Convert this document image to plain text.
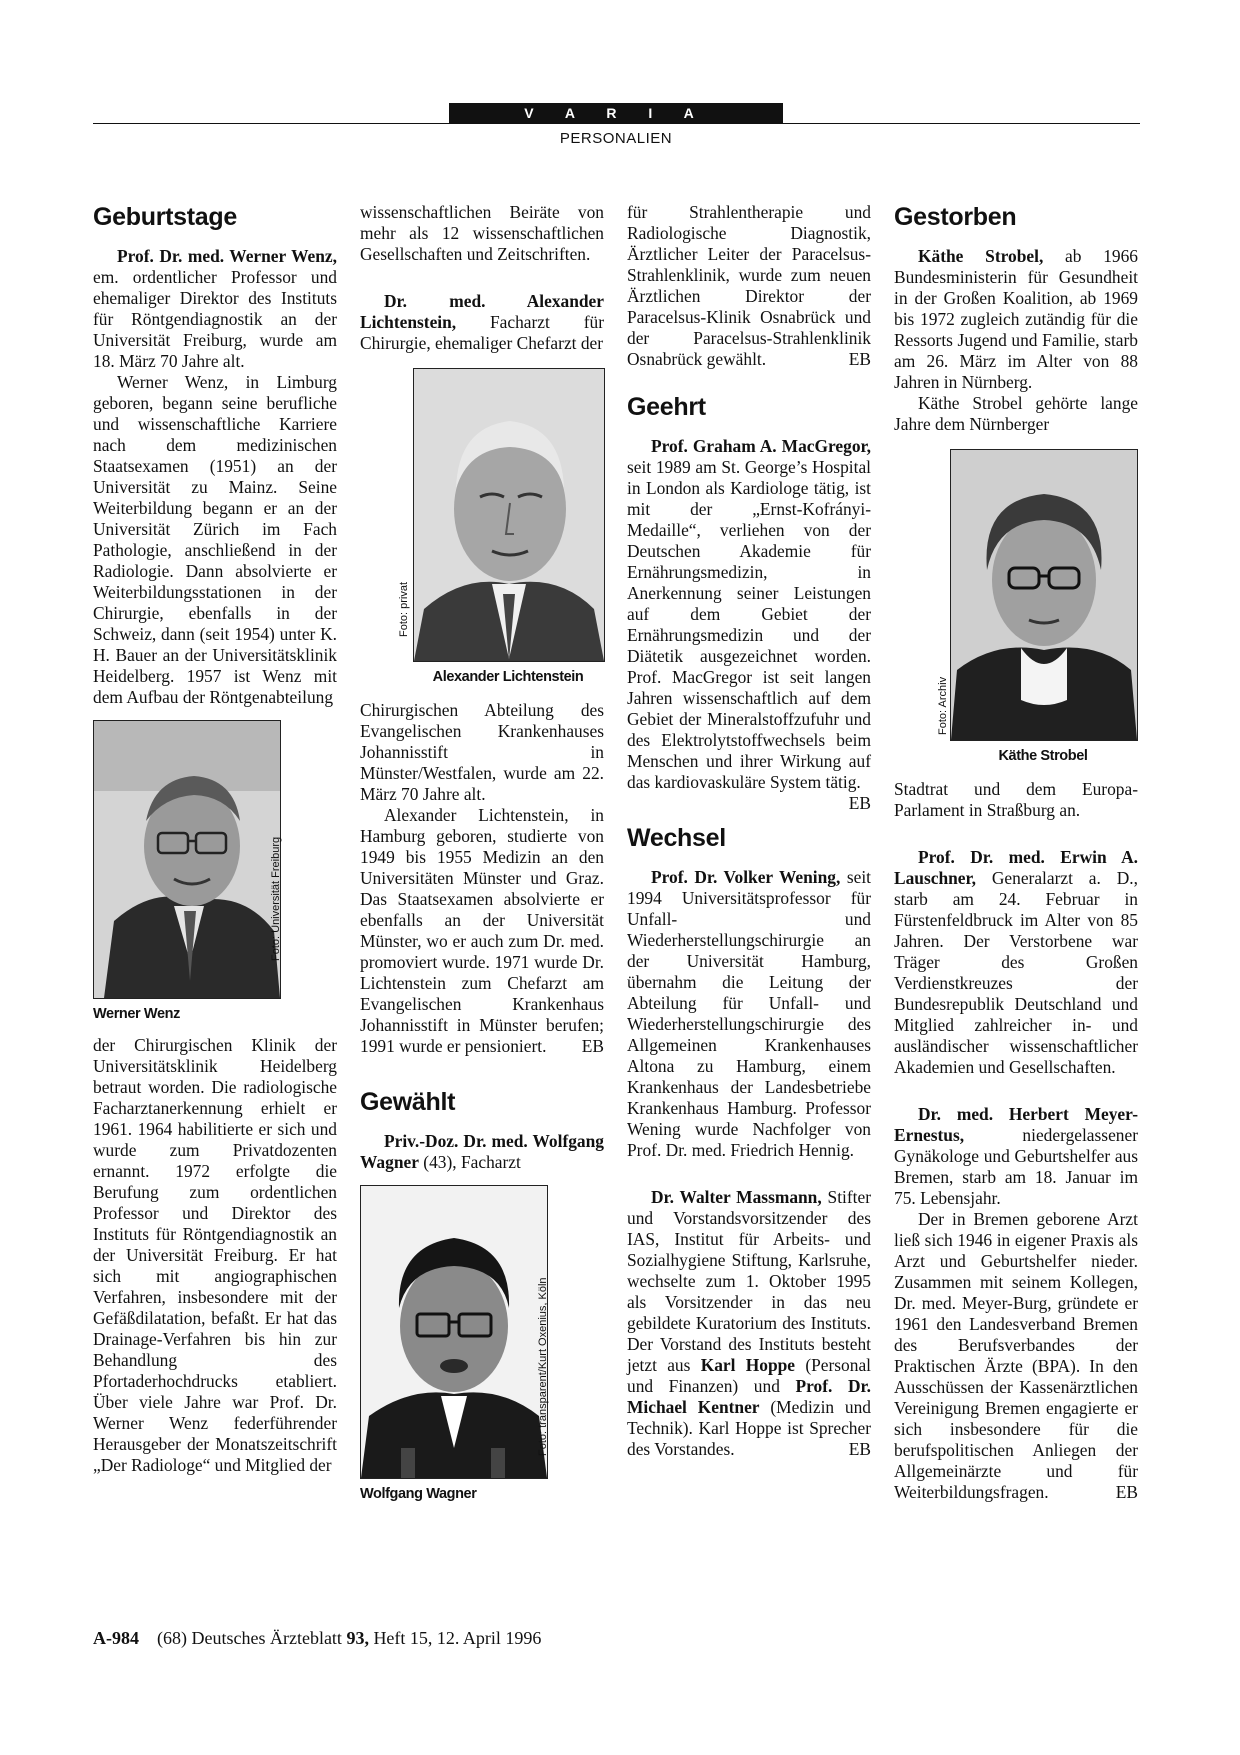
V A R I A
PERSONALIEN
Geburtstage

Prof. Dr. med. Werner Wenz, em. ordentlicher Professor und ehemaliger Direktor des Instituts für Röntgendiagnostik an der Universität Freiburg, wurde am 18. März 70 Jahre alt.

Werner Wenz, in Limburg geboren, begann seine berufliche und wissenschaftliche Karriere nach dem medizinischen Staatsexamen (1951) an der Universität zu Mainz. Seine Weiterbildung begann er an der Universität Zürich im Fach Pathologie, anschließend in der Radiologie. Dann absolvierte er Weiterbildungsstationen in der Chirurgie, ebenfalls in der Schweiz, dann (seit 1954) unter K. H. Bauer an der Universitätsklinik Heidelberg. 1957 ist Wenz mit dem Aufbau der Röntgenabteilung

Foto: Universität Freiburg
Werner Wenz

der Chirurgischen Klinik der Universitätsklinik Heidelberg betraut worden. Die radiologische Facharztanerkennung erhielt er 1961. 1964 habilitierte er sich und wurde zum Privatdozenten ernannt. 1972 erfolgte die Berufung zum ordentlichen Professor und Direktor des Instituts für Röntgendiagnostik an der Universität Freiburg. Er hat sich mit angiographischen Verfahren, insbesondere mit der Gefäßdilatation, befaßt. Er hat das Drainage-Verfahren bis hin zur Behandlung des Pfortaderhochdrucks etabliert. Über viele Jahre war Prof. Dr. Werner Wenz federführender Herausgeber der Monatszeitschrift „Der Radiologe“ und Mitglied der

wissenschaftlichen Beiräte von mehr als 12 wissenschaftlichen Gesellschaften und Zeitschriften.

Dr. med. Alexander Lichtenstein, Facharzt für Chirurgie, ehemaliger Chefarzt der

Foto: privat
Alexander Lichtenstein

Chirurgischen Abteilung des Evangelischen Krankenhauses Johannisstift in Münster/Westfalen, wurde am 22. März 70 Jahre alt.

Alexander Lichtenstein, in Hamburg geboren, studierte von 1949 bis 1955 Medizin an den Universitäten Münster und Graz. Das Staatsexamen absolvierte er ebenfalls an der Universität Münster, wo er auch zum Dr. med. promoviert wurde. 1971 wurde Dr. Lichtenstein zum Chefarzt am Evangelischen Krankenhaus Johannisstift in Münster berufen; 1991 wurde er pensioniert.	EB

Gewählt

Priv.-Doz. Dr. med. Wolfgang Wagner (43), Facharzt

Foto: transparent/Kurt Oxenius, Köln
Wolfgang Wagner

für Strahlentherapie und Radiologische Diagnostik, Ärztlicher Leiter der Paracelsus-Strahlenklinik, wurde zum neuen Ärztlichen Direktor der Paracelsus-Klinik Osnabrück und der Paracelsus-Strahlenklinik Osnabrück gewählt.	EB

Geehrt

Prof. Graham A. MacGregor, seit 1989 am St. George’s Hospital in London als Kardiologe tätig, ist mit der „Ernst-Kofrányi-Medaille“, verliehen von der Deutschen Akademie für Ernährungsmedizin, in Anerkennung seiner Leistungen auf dem Gebiet der Ernährungsmedizin und der Diätetik ausgezeichnet worden. Prof. MacGregor ist seit langen Jahren wissenschaftlich auf dem Gebiet der Mineralstoffzufuhr und des Elektrolytstoffwechsels beim Menschen und ihrer Wirkung auf das kardiovaskuläre System tätig.
EB

Wechsel

Prof. Dr. Volker Wening, seit 1994 Universitätsprofessor für Unfall- und Wiederherstellungschirurgie an der Universität Hamburg, übernahm die Leitung der Abteilung für Unfall- und Wiederherstellungschirurgie des Allgemeinen Krankenhauses Altona zu Hamburg, einem Krankenhaus der Landesbetriebe Krankenhaus Hamburg. Professor Wening wurde Nachfolger von Prof. Dr. med. Friedrich Hennig.

Dr. Walter Massmann, Stifter und Vorstandsvorsitzender des IAS, Institut für Arbeits- und Sozialhygiene Stiftung, Karlsruhe, wechselte zum 1. Oktober 1995 als Vorsitzender in das neu gebildete Kuratorium des Instituts. Der Vorstand des Instituts besteht jetzt aus Karl Hoppe (Personal und Finanzen) und Prof. Dr. Michael Kentner (Medizin und Technik). Karl Hoppe ist Sprecher des Vorstandes.	EB

Gestorben

Käthe Strobel, ab 1966 Bundesministerin für Gesundheit in der Großen Koalition, ab 1969 bis 1972 zugleich zutändig für die Ressorts Jugend und Familie, starb am 26. März im Alter von 88 Jahren in Nürnberg.

Käthe Strobel gehörte lange Jahre dem Nürnberger

Foto: Archiv
Käthe Strobel

Stadtrat und dem Europa-Parlament in Straßburg an.

Prof. Dr. med. Erwin A. Lauschner, Generalarzt a. D., starb am 24. Februar in Fürstenfeldbruck im Alter von 85 Jahren. Der Verstorbene war Träger des Großen Verdienstkreuzes der Bundesrepublik Deutschland und Mitglied zahlreicher in- und ausländischer wissenschaftlicher Akademien und Gesellschaften.

Dr. med. Herbert Meyer-Ernestus, niedergelassener Gynäkologe und Geburtshelfer aus Bremen, starb am 18. Januar im 75. Lebensjahr.

Der in Bremen geborene Arzt ließ sich 1946 in eigener Praxis als Arzt und Geburtshelfer nieder. Zusammen mit seinem Kollegen, Dr. med. Meyer-Burg, gründete er 1961 den Landesverband Bremen des Berufsverbandes der Praktischen Ärzte (BPA). In den Ausschüssen der Kassenärztlichen Vereinigung Bremen engagierte er sich insbesondere für die berufspolitischen Anliegen der Allgemeinärzte und für Weiterbildungsfragen.	EB

A-984 (68) Deutsches Ärzteblatt 93, Heft 15, 12. April 1996
